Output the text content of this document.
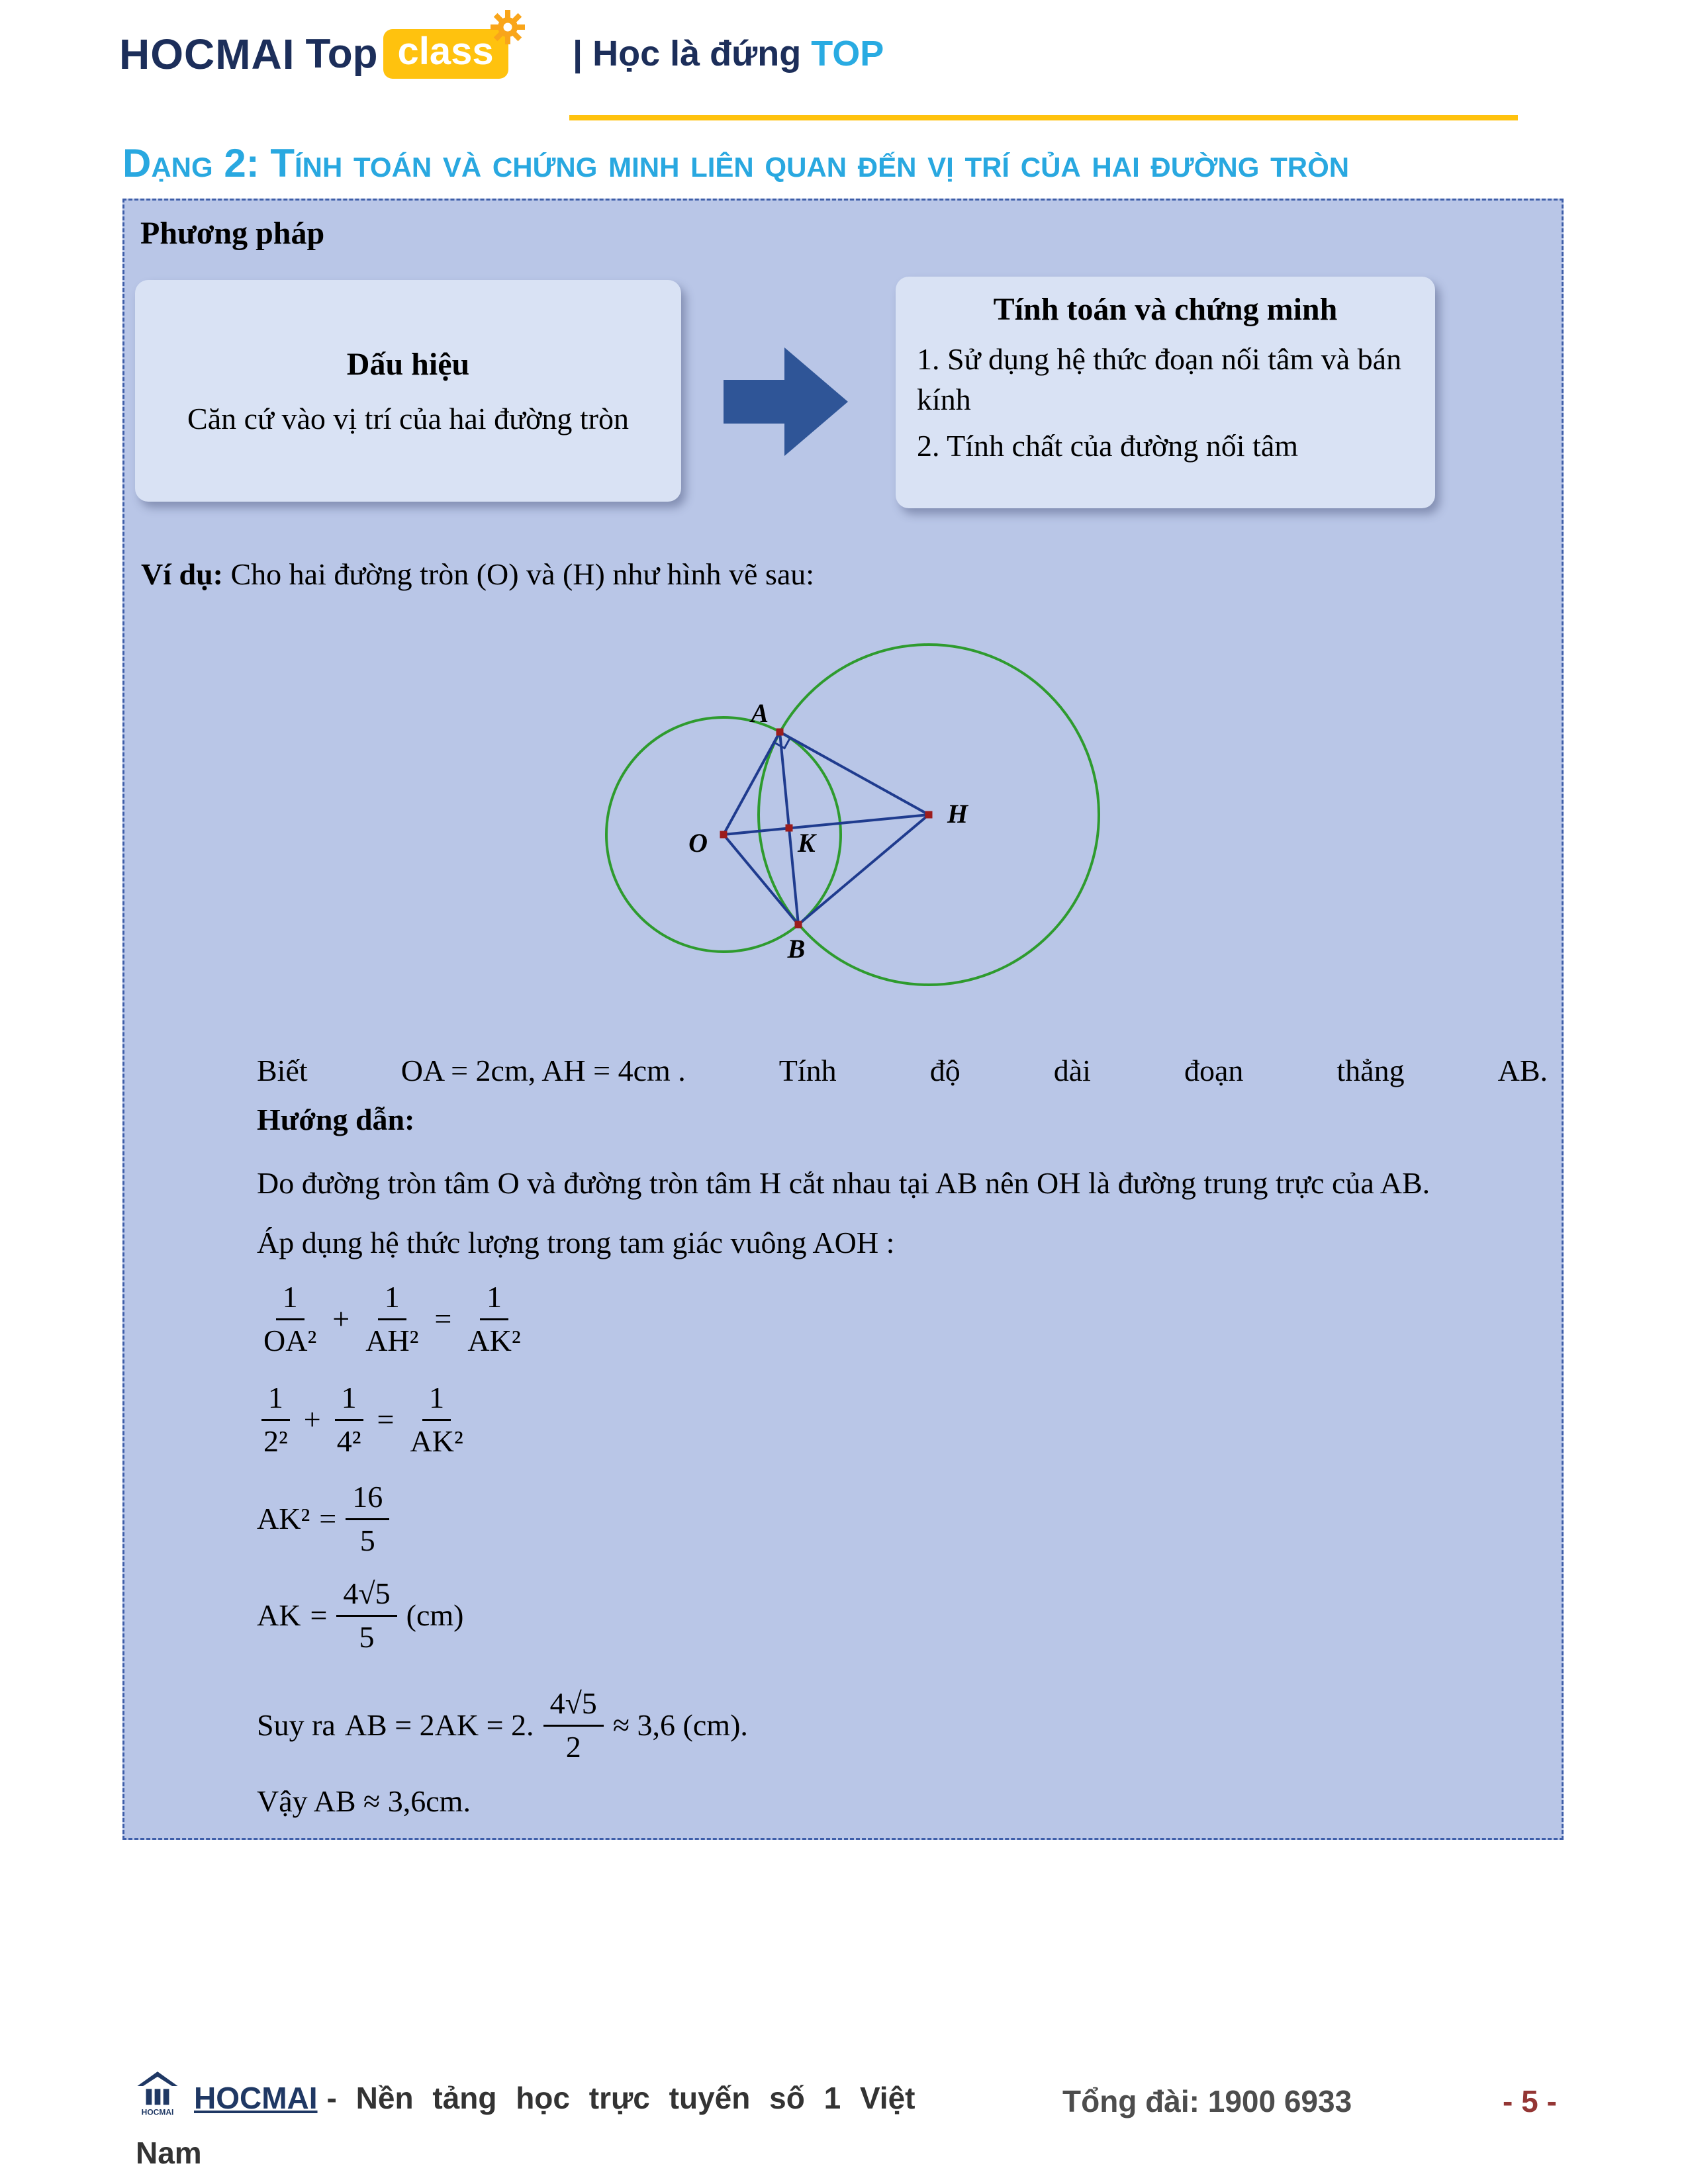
HOCMAI Top class	| Học là đứng TOP
Dạng 2: Tính toán và chứng minh liên quan đến vị trí của hai đường tròn
Phương pháp
Dấu hiệu
Căn cứ vào vị trí của hai đường tròn
Tính toán và chứng minh
1. Sử dụng hệ thức đoạn nối tâm và bán kính
2. Tính chất của đường nối tâm
Ví dụ: Cho hai đường tròn (O) và (H) như hình vẽ sau:
A
B
O
H
K
Biết	OA = 2cm, AH = 4cm .	Tính	độ	dài	đoạn	thẳng	AB.
Hướng dẫn:
Do đường tròn tâm O và đường tròn tâm H cắt nhau tại AB nên OH là đường trung trực của AB.
Áp dụng hệ thức lượng trong tam giác vuông AOH :
$\frac{1}{\text{OA²}} + \frac{1}{\text{AH²}} = \frac{1}{\text{AK²}}$
$\frac{1}{\text{2²}} + \frac{1}{\text{4²}} = \frac{1}{\text{AK²}}$
$AK^2 = \frac{16}{5}$
AK = $\frac{4√5}{5} (cm)$
Suy ra AB = 2AK = 2. $\frac{4√5}{2} \approx 3,6$ (cm).
Vậy AB ≈ 3,6cm.
HOCMAI HOCMAI - Nền tảng học trực tuyến số 1 Việt
Nam
Tổng đài: 1900 6933	- 5 -
